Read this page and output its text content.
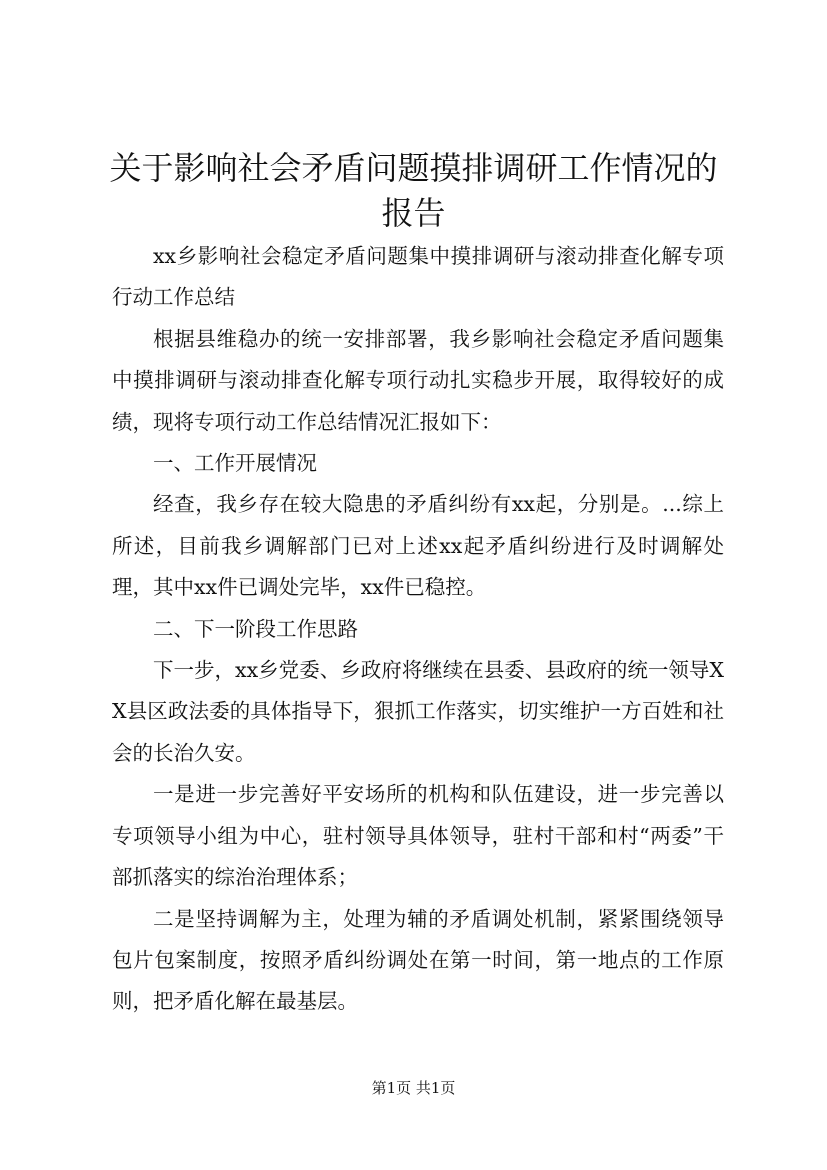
关于影响社会矛盾问题摸排调研工作情况的报告

xx乡影响社会稳定矛盾问题集中摸排调研与滚动排查化解专项行动工作总结

根据县维稳办的统一安排部署，我乡影响社会稳定矛盾问题集中摸排调研与滚动排查化解专项行动扎实稳步开展，取得较好的成绩，现将专项行动工作总结情况汇报如下：

一、工作开展情况

经查，我乡存在较大隐患的矛盾纠纷有xx起，分别是。...综上所述，目前我乡调解部门已对上述xx起矛盾纠纷进行及时调解处理，其中xx件已调处完毕，xx件已稳控。

二、下一阶段工作思路

下一步，xx乡党委、乡政府将继续在县委、县政府的统一领导XX县区政法委的具体指导下，狠抓工作落实，切实维护一方百姓和社会的长治久安。

一是进一步完善好平安场所的机构和队伍建设，进一步完善以专项领导小组为中心，驻村领导具体领导，驻村干部和村“两委”干部抓落实的综治治理体系；

二是坚持调解为主，处理为辅的矛盾调处机制，紧紧围绕领导包片包案制度，按照矛盾纠纷调处在第一时间，第一地点的工作原则，把矛盾化解在最基层。

第1页 共1页
